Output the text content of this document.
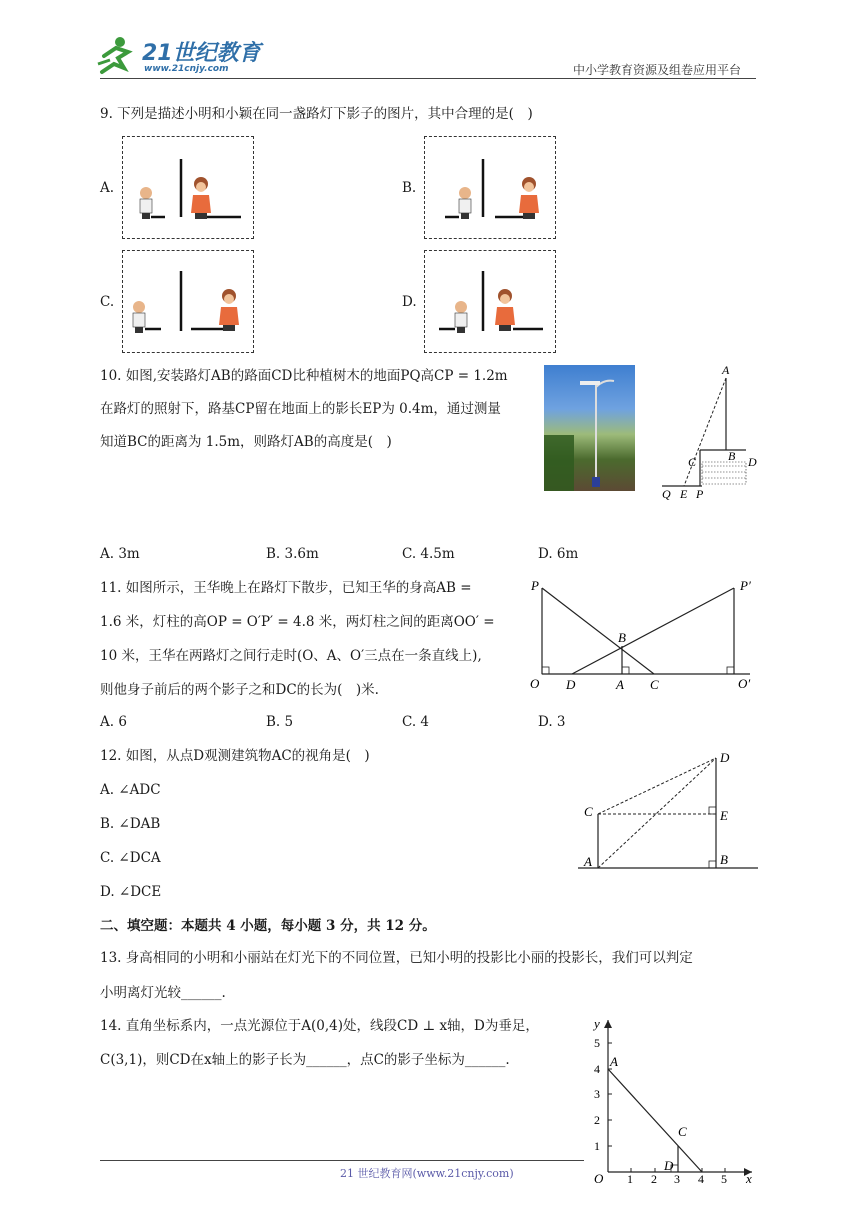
21世纪教育
www.21cnjy.com	中小学教育资源及组卷应用平台
9. 下列是描述小明和小颖在同一盏路灯下影子的图片，其中合理的是(　)
A.	B.
C.	D.
10. 如图,安装路灯AB的路面CD比种植树木的地面PQ高CP = 1.2m
在路灯的照射下，路基CP留在地面上的影长EP为 0.4m，通过测量
知道BC的距离为 1.5m，则路灯AB的高度是(　)
A
B
C	D
Q E P
A. 3m	B. 3.6m	C. 4.5m	D. 6m
11. 如图所示，王华晚上在路灯下散步，已知王华的身高AB =
1.6 米，灯柱的高OP = O′P′ = 4.8 米，两灯柱之间的距离OO′ =
10 米，王华在两路灯之间行走时(O、A、O′三点在一条直线上),
则他身子前后的两个影子之和DC的长为(　)米.
P	P′
B
O D	A C	O′
A. 6	B. 5	C. 4	D. 3
12. 如图，从点D观测建筑物AC的视角是(　)
A. ∠ADC
B. ∠DAB
C. ∠DCA
D. ∠DCE
D
C	E
A	B
二、填空题：本题共 4 小题，每小题 3 分，共 12 分。
13. 身高相同的小明和小丽站在灯光下的不同位置，已知小明的投影比小丽的投影长，我们可以判定
小明离灯光较______.
14. 直角坐标系内，一点光源位于A(0,4)处，线段CD ⊥ x轴，D为垂足，
C(3,1)，则CD在x轴上的影子长为______，点C的影子坐标为______.
1 2 3 4 5
1
2
3
4
5
y
x
O
A
C
D
21 世纪教育网(www.21cnjy.com)
